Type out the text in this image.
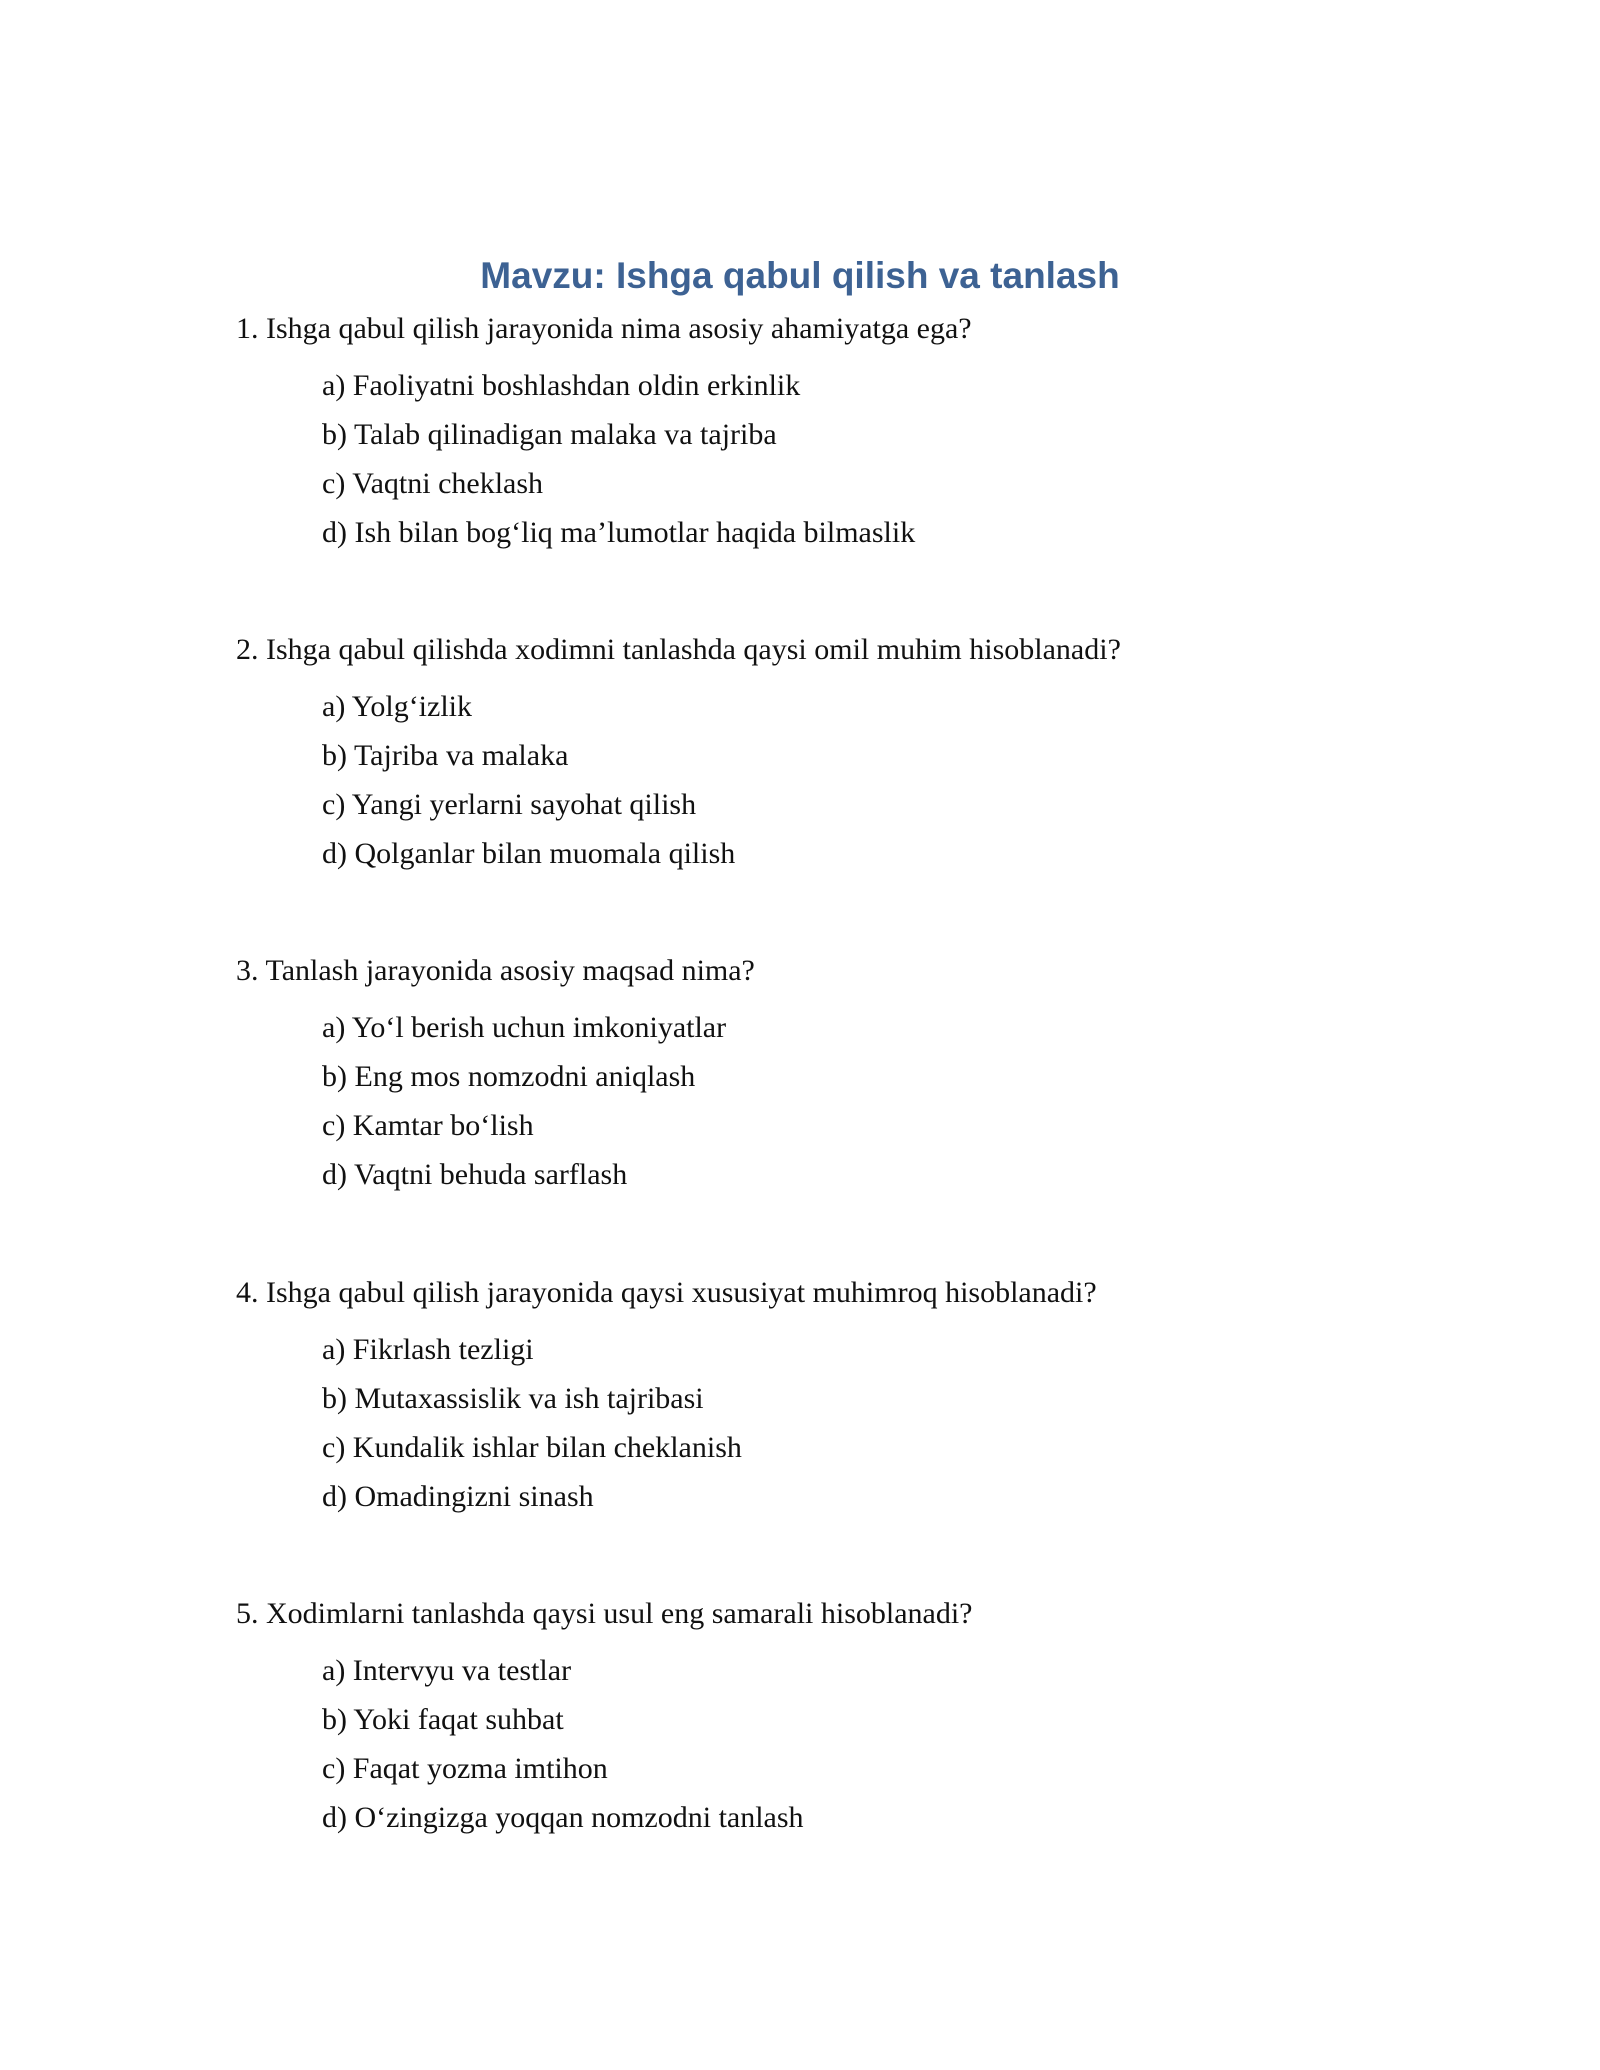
Mavzu: Ishga qabul qilish va tanlash
1. Ishga qabul qilish jarayonida nima asosiy ahamiyatga ega?
a) Faoliyatni boshlashdan oldin erkinlik
b) Talab qilinadigan malaka va tajriba
c) Vaqtni cheklash
d) Ish bilan bog‘liq ma’lumotlar haqida bilmaslik
2. Ishga qabul qilishda xodimni tanlashda qaysi omil muhim hisoblanadi?
a) Yolg‘izlik
b) Tajriba va malaka
c) Yangi yerlarni sayohat qilish
d) Qolganlar bilan muomala qilish
3. Tanlash jarayonida asosiy maqsad nima?
a) Yo‘l berish uchun imkoniyatlar
b) Eng mos nomzodni aniqlash
c) Kamtar bo‘lish
d) Vaqtni behuda sarflash
4. Ishga qabul qilish jarayonida qaysi xususiyat muhimroq hisoblanadi?
a) Fikrlash tezligi
b) Mutaxassislik va ish tajribasi
c) Kundalik ishlar bilan cheklanish
d) Omadingizni sinash
5. Xodimlarni tanlashda qaysi usul eng samarali hisoblanadi?
a) Intervyu va testlar
b) Yoki faqat suhbat
c) Faqat yozma imtihon
d) O‘zingizga yoqqan nomzodni tanlash
